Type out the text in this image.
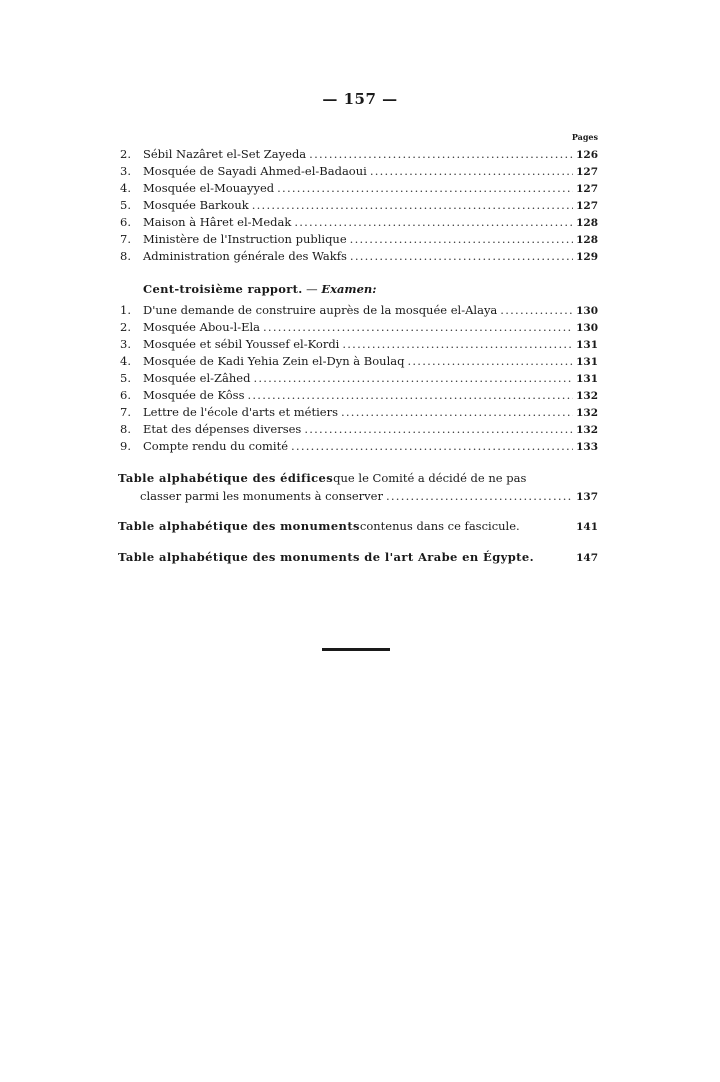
— 157 —
Pages
2.	Sébil Nazâret el-Set Zayeda . . .	126
3.	Mosquée de Sayadi Ahmed-el-Badaoui . . .	127
4.	Mosquée el-Mouayyed . . .	127
5.	Mosquée Barkouk . . .	127
6.	Maison à Hâret el-Medak . . .	128
7.	Ministère de l'Instruction publique . . .	128
8.	Administration générale des Wakfs . . .	129
Cent-troisième rapport. — Examen:
1.	D'une demande de construire auprès de la mosquée el-Alaya . . .	130
2.	Mosquée Abou-l-Ela . . .	130
3.	Mosquée et sébil Youssef el-Kordi . . .	131
4.	Mosquée de Kadi Yehia Zein el-Dyn à Boulaq . . .	131
5.	Mosquée el-Zâhed . . .	131
6.	Mosquée de Kôss . . .	132
7.	Lettre de l'école d'arts et métiers . . .	132
8.	Etat des dépenses diverses . . .	132
9.	Compte rendu du comité . . .	133
Table alphabétique des édifices que le Comité a décidé de ne pas
classer parmi les monuments à conserver . . .	137
Table alphabétique des monuments contenus dans ce fascicule.	141
Table alphabétique des monuments de l'art Arabe en Égypte.	147
